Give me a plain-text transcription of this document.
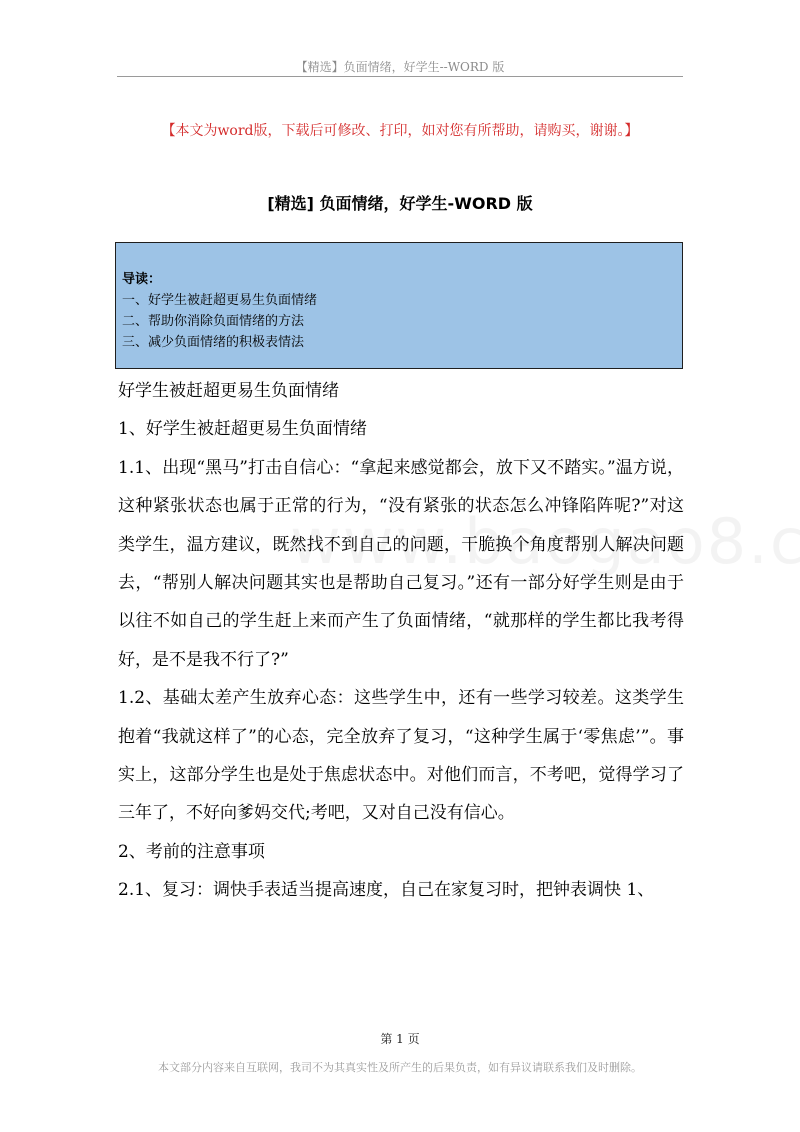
【精选】负面情绪，好学生--WORD 版
【本文为word版，下载后可修改、打印，如对您有所帮助，请购买，谢谢。】
[精选] 负面情绪，好学生-WORD 版
导读：
一、好学生被赶超更易生负面情绪
二、帮助你消除负面情绪的方法
三、减少负面情绪的积极表情法

好学生被赶超更易生负面情绪

1、好学生被赶超更易生负面情绪

1.1、出现“黑马”打击自信心：“拿起来感觉都会，放下又不踏实。”温方说，这种紧张状态也属于正常的行为，“没有紧张的状态怎么冲锋陷阵呢?”对这类学生，温方建议，既然找不到自己的问题，干脆换个角度帮别人解决问题去，“帮别人解决问题其实也是帮助自己复习。”还有一部分好学生则是由于以往不如自己的学生赶上来而产生了负面情绪，“就那样的学生都比我考得好，是不是我不行了?”

1.2、基础太差产生放弃心态：这些学生中，还有一些学习较差。这类学生抱着“我就这样了”的心态，完全放弃了复习，“这种学生属于‘零焦虑’”。事实上，这部分学生也是处于焦虑状态中。对他们而言，不考吧，觉得学习了三年了，不好向爹妈交代;考吧，又对自己没有信心。

2、考前的注意事项

2.1、复习：调快手表适当提高速度，自己在家复习时，把钟表调快 1、

第 1 页
本文部分内容来自互联网，我司不为其真实性及所产生的后果负责，如有异议请联系我们及时删除。
